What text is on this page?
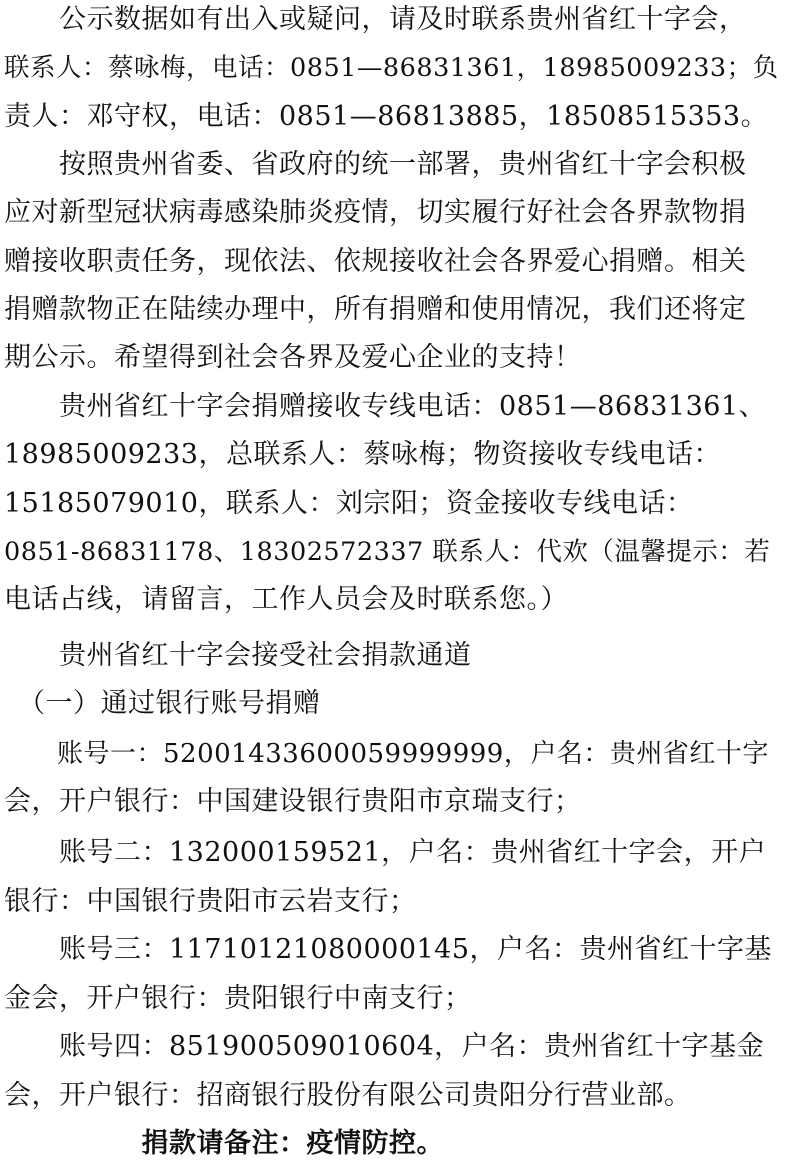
　　公示数据如有出入或疑问，请及时联系贵州省红十字会，
联系人：蔡咏梅，电话：0851—86831361，18985009233；负
责人：邓守权，电话：0851—86813885，18508515353。
　　按照贵州省委、省政府的统一部署，贵州省红十字会积极
应对新型冠状病毒感染肺炎疫情，切实履行好社会各界款物捐
赠接收职责任务，现依法、依规接收社会各界爱心捐赠。相关
捐赠款物正在陆续办理中，所有捐赠和使用情况，我们还将定
期公示。希望得到社会各界及爱心企业的支持！
　　贵州省红十字会捐赠接收专线电话：0851—86831361、
18985009233，总联系人：蔡咏梅；物资接收专线电话：
15185079010，联系人：刘宗阳；资金接收专线电话：
0851-86831178、18302572337 联系人：代欢（温馨提示：若
电话占线，请留言，工作人员会及时联系您。）
　　贵州省红十字会接受社会捐款通道
　（一）通过银行账号捐赠
　　账号一：52001433600059999999，户名：贵州省红十字
会，开户银行：中国建设银行贵阳市京瑞支行；
　　账号二：132000159521，户名：贵州省红十字会，开户
银行：中国银行贵阳市云岩支行；
　　账号三：11710121080000145，户名：贵州省红十字基
金会，开户银行：贵阳银行中南支行；
　　账号四：851900509010604，户名：贵州省红十字基金
会，开户银行：招商银行股份有限公司贵阳分行营业部。
　　　　　捐款请备注：疫情防控。
